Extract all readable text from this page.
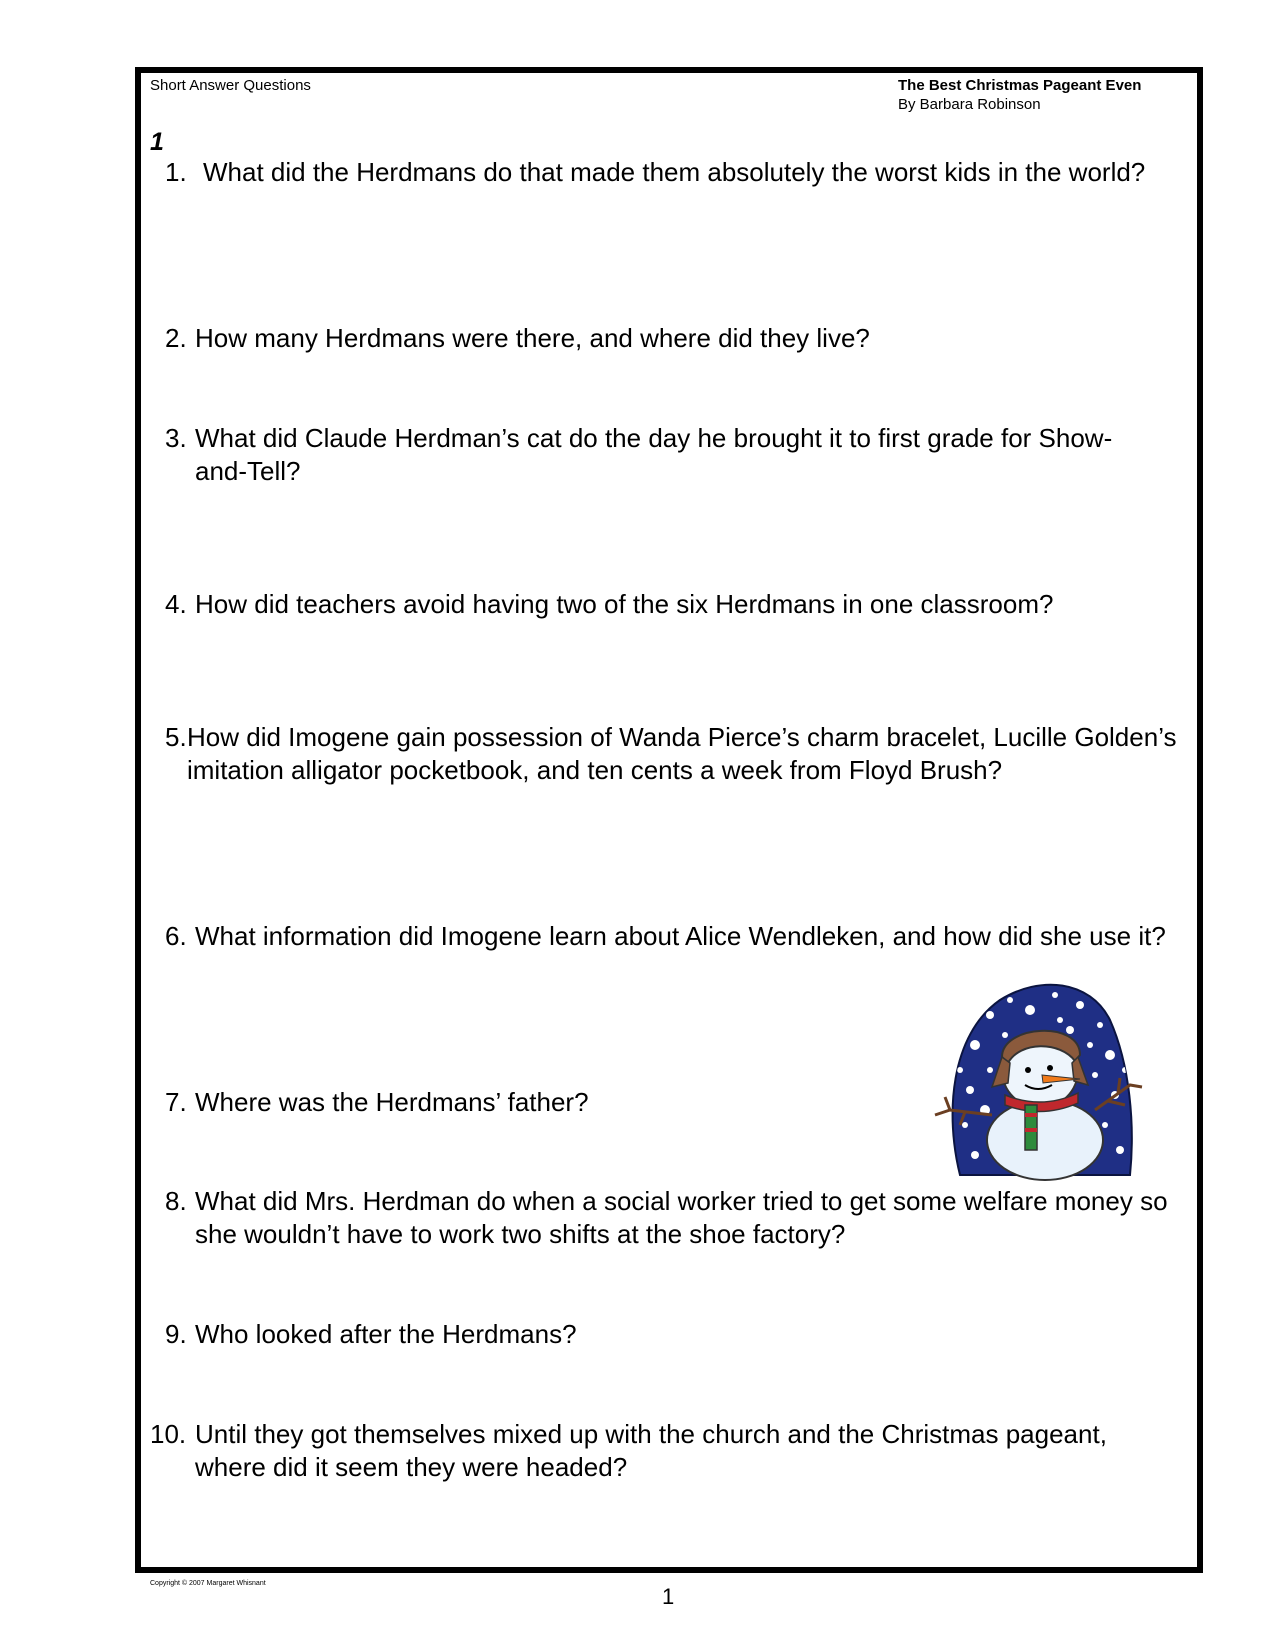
Short Answer Questions	The Best Christmas Pageant Even
By Barbara Robinson
1
1. What did the Herdmans do that made them absolutely the worst kids in the world?
2. How many Herdmans were there, and where did they live?
3. What did Claude Herdman’s cat do the day he brought it to first grade for Show-and-Tell?
4. How did teachers avoid having two of the six Herdmans in one classroom?
5. How did Imogene gain possession of Wanda Pierce’s charm bracelet, Lucille Golden’s imitation alligator pocketbook, and ten cents a week from Floyd Brush?
6. What information did Imogene learn about Alice Wendleken, and how did she use it?
7. Where was the Herdmans’ father?
8. What did Mrs. Herdman do when a social worker tried to get some welfare money so she wouldn’t have to work two shifts at the shoe factory?
9. Who looked after the Herdmans?
10. Until they got themselves mixed up with the church and the Christmas pageant, where did it seem they were headed?
Copyright © 2007 Margaret Whisnant
1
